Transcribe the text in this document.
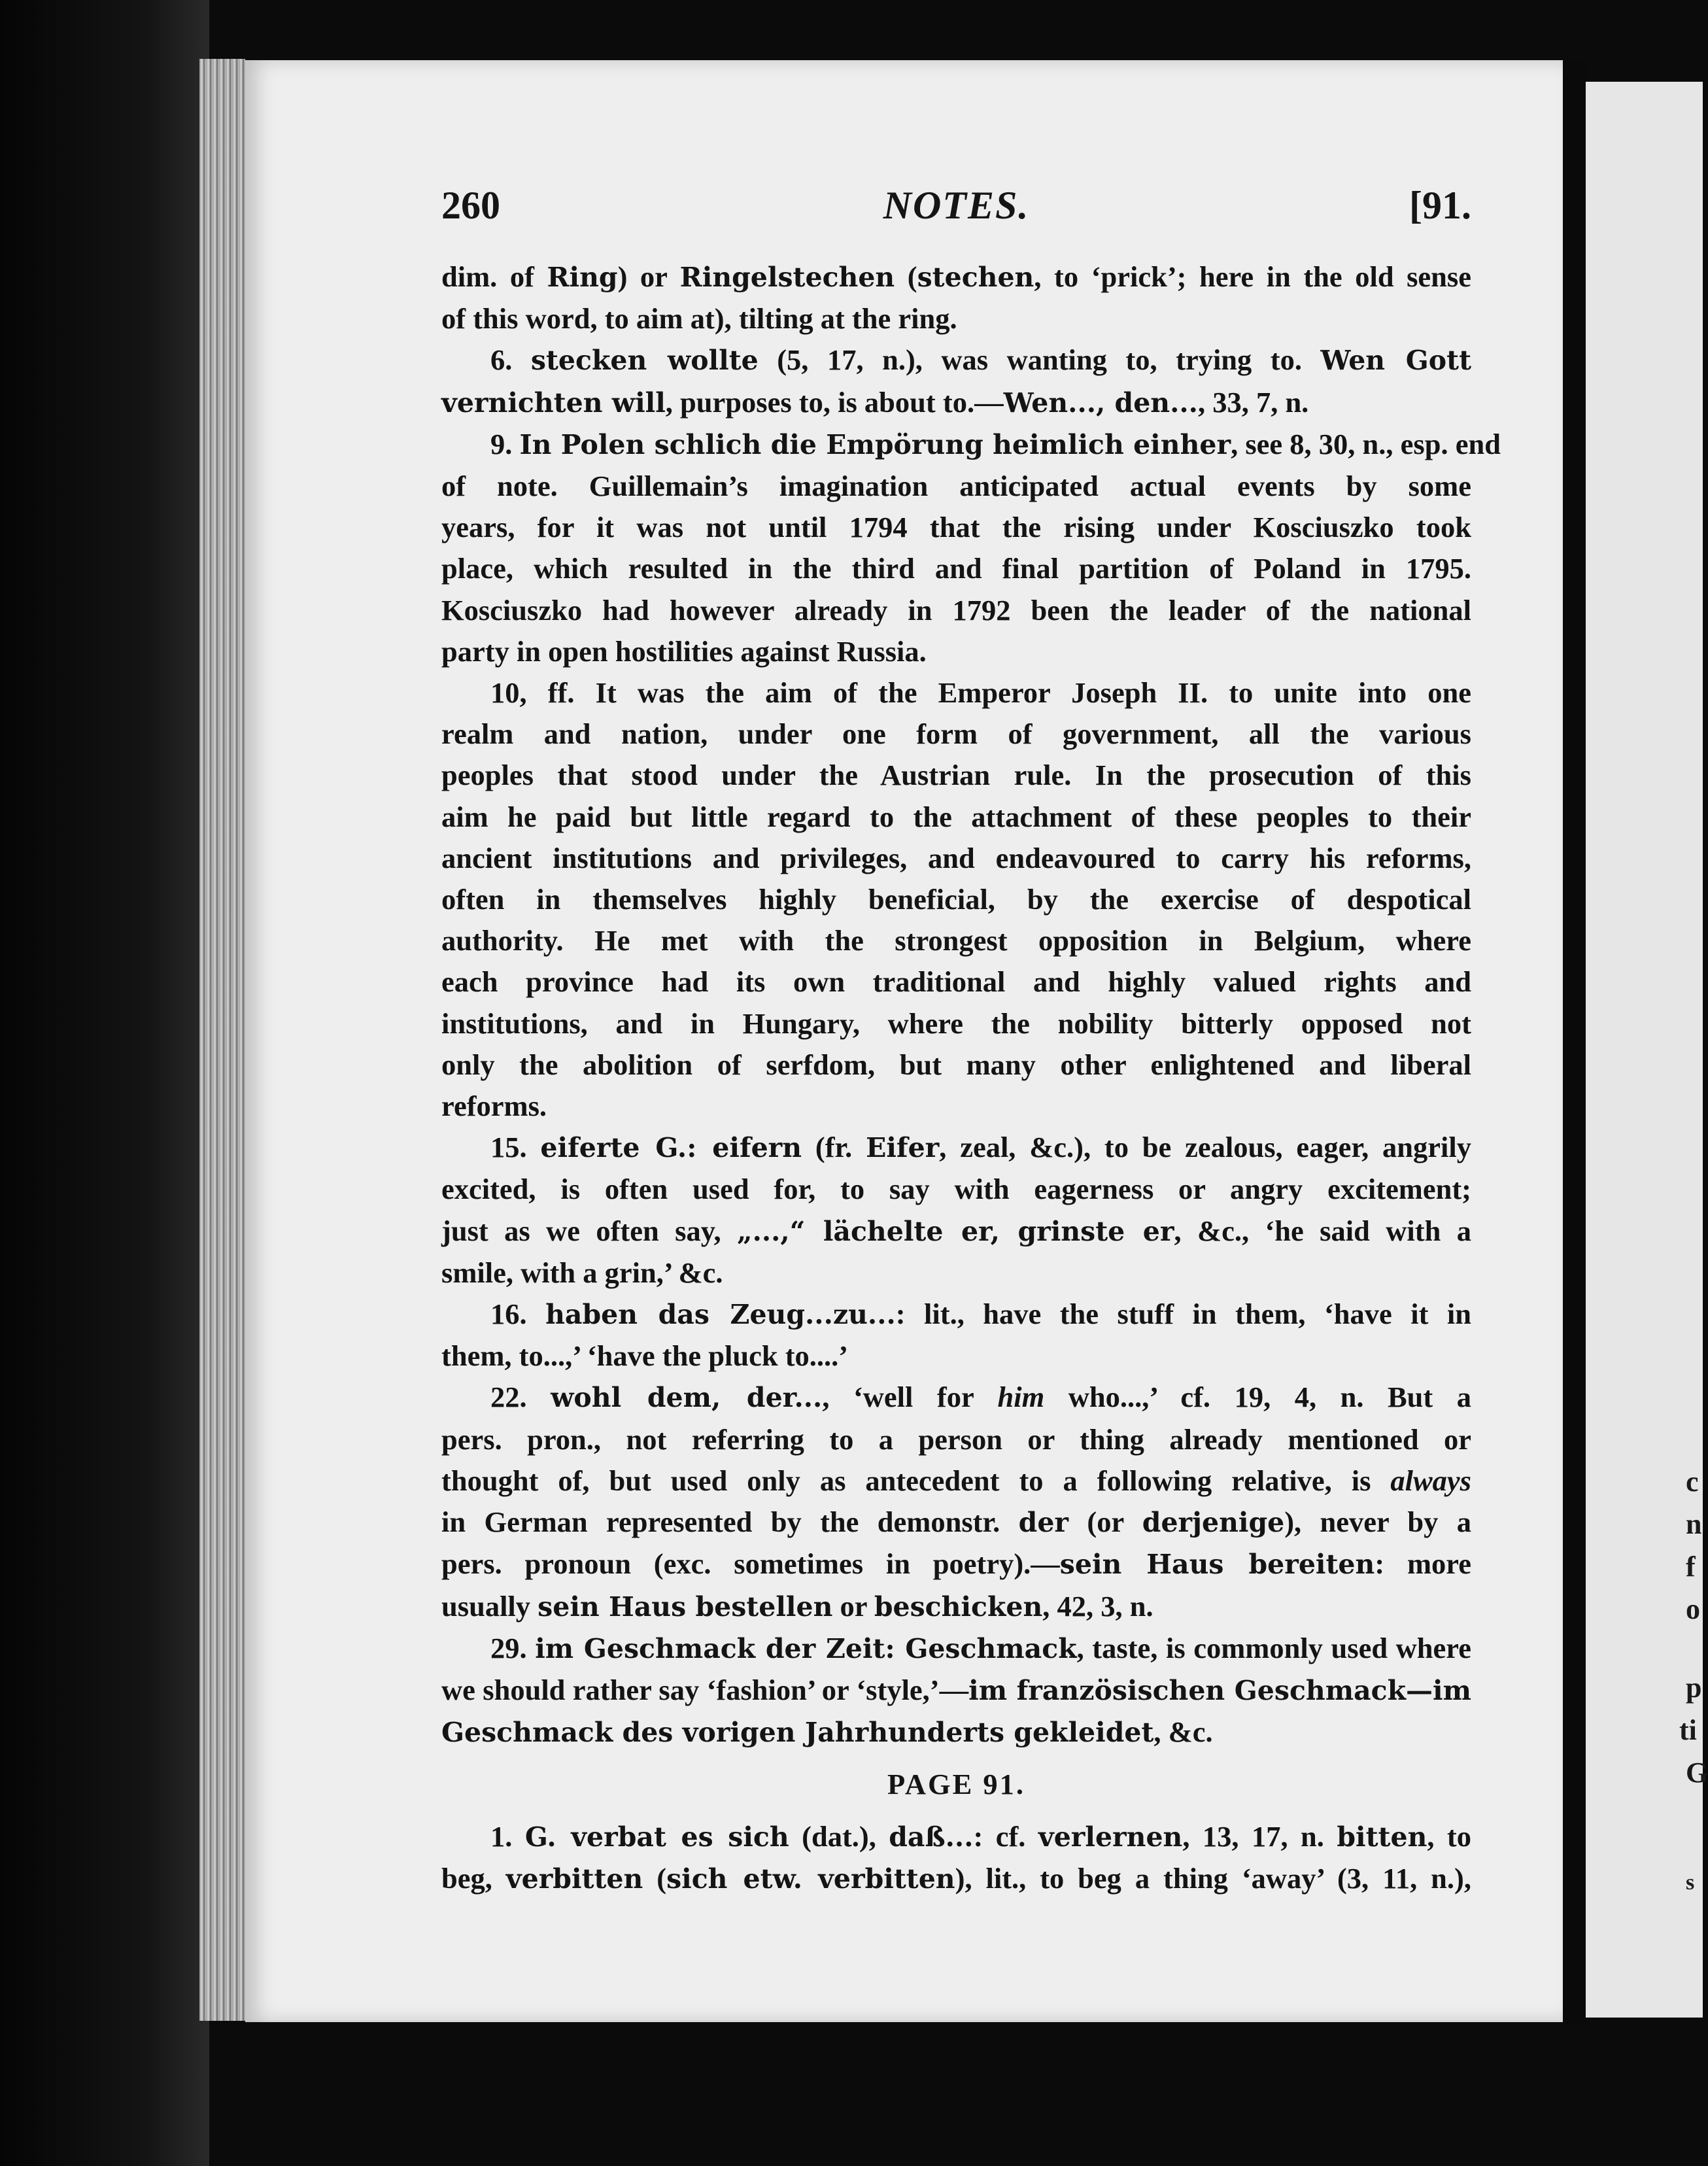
c
n
f
o
p
ti
G
s
260	NOTES.	[91.
dim. of Ring) or Ringelstechen (stechen, to ‘prick’; here in the old sense
of this word, to aim at), tilting at the ring.
6. stecken wollte (5, 17, n.), was wanting to, trying to. Wen Gott
vernichten will, purposes to, is about to.—Wen..., den..., 33, 7, n.
9. In Polen schlich die Empörung heimlich einher, see 8, 30, n., esp. end
of note. Guillemain’s imagination anticipated actual events by some
years, for it was not until 1794 that the rising under Kosciuszko took
place, which resulted in the third and final partition of Poland in 1795.
Kosciuszko had however already in 1792 been the leader of the national
party in open hostilities against Russia.
10, ff. It was the aim of the Emperor Joseph II. to unite into one
realm and nation, under one form of government, all the various
peoples that stood under the Austrian rule. In the prosecution of this
aim he paid but little regard to the attachment of these peoples to their
ancient institutions and privileges, and endeavoured to carry his reforms,
often in themselves highly beneficial, by the exercise of despotical
authority. He met with the strongest opposition in Belgium, where
each province had its own traditional and highly valued rights and
institutions, and in Hungary, where the nobility bitterly opposed not
only the abolition of serfdom, but many other enlightened and liberal
reforms.
15. eiferte G.: eifern (fr. Eifer, zeal, &c.), to be zealous, eager, angrily
excited, is often used for, to say with eagerness or angry excitement;
just as we often say, „...,“ lächelte er, grinste er, &c., ‘he said with a
smile, with a grin,’ &c.
16. haben das Zeug...zu...: lit., have the stuff in them, ‘have it in
them, to...,’ ‘have the pluck to....’
22. wohl dem, der..., ‘well for him who...,’ cf. 19, 4, n. But a
pers. pron., not referring to a person or thing already mentioned or
thought of, but used only as antecedent to a following relative, is always
in German represented by the demonstr. der (or derjenige), never by a
pers. pronoun (exc. sometimes in poetry).—sein Haus bereiten: more
usually sein Haus bestellen or beschicken, 42, 3, n.
29. im Geschmack der Zeit: Geschmack, taste, is commonly used where
we should rather say ‘fashion’ or ‘style,’—im französischen Geschmack—im
Geschmack des vorigen Jahrhunderts gekleidet, &c.
PAGE 91.
1. G. verbat es sich (dat.), daß...: cf. verlernen, 13, 17, n. bitten, to
beg, verbitten (sich etw. verbitten), lit., to beg a thing ‘away’ (3, 11, n.),
